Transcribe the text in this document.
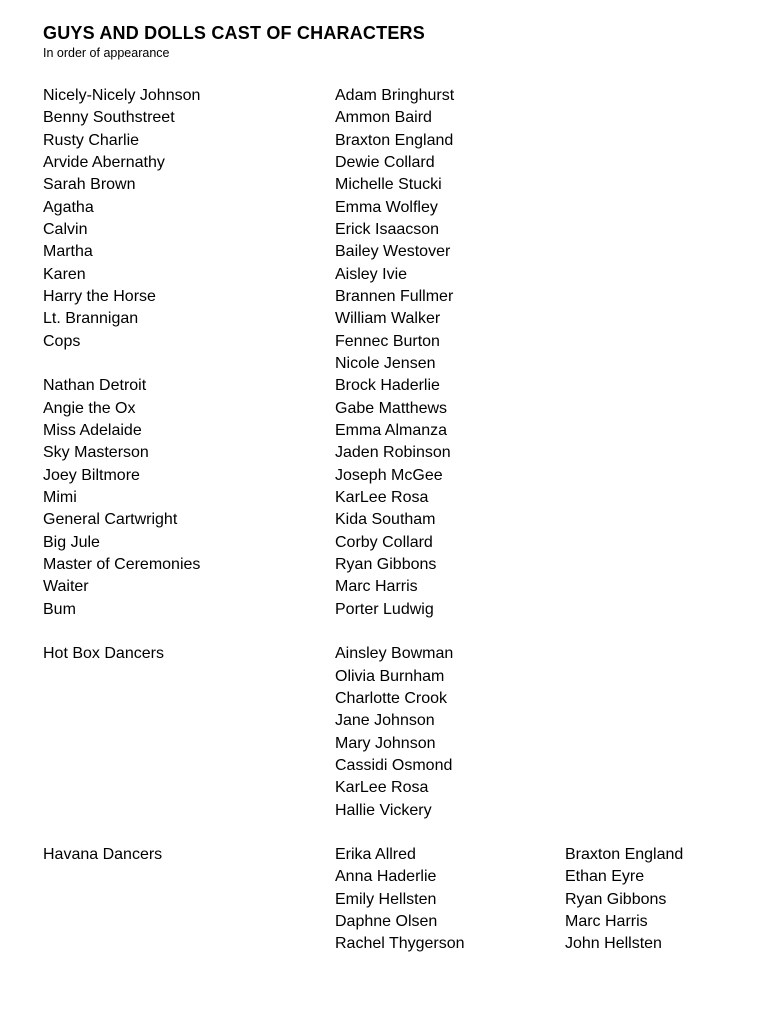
GUYS AND DOLLS CAST OF CHARACTERS
In order of appearance
Nicely-Nicely Johnson	Adam Bringhurst
Benny Southstreet	Ammon Baird
Rusty Charlie	Braxton England
Arvide Abernathy	Dewie Collard
Sarah Brown	Michelle Stucki
Agatha	Emma Wolfley
Calvin	Erick Isaacson
Martha	Bailey Westover
Karen	Aisley Ivie
Harry the Horse	Brannen Fullmer
Lt. Brannigan	William Walker
Cops	Fennec Burton
Nicole Jensen
Nathan Detroit	Brock Haderlie
Angie the Ox	Gabe Matthews
Miss Adelaide	Emma Almanza
Sky Masterson	Jaden Robinson
Joey Biltmore	Joseph McGee
Mimi	KarLee Rosa
General Cartwright	Kida Southam
Big Jule	Corby Collard
Master of Ceremonies	Ryan Gibbons
Waiter	Marc Harris
Bum	Porter Ludwig
Hot Box Dancers	Ainsley Bowman
Olivia Burnham
Charlotte Crook
Jane Johnson
Mary Johnson
Cassidi Osmond
KarLee Rosa
Hallie Vickery
Havana Dancers	Erika Allred	Braxton England
Anna Haderlie	Ethan Eyre
Emily Hellsten	Ryan Gibbons
Daphne Olsen	Marc Harris
Rachel Thygerson	John Hellsten
